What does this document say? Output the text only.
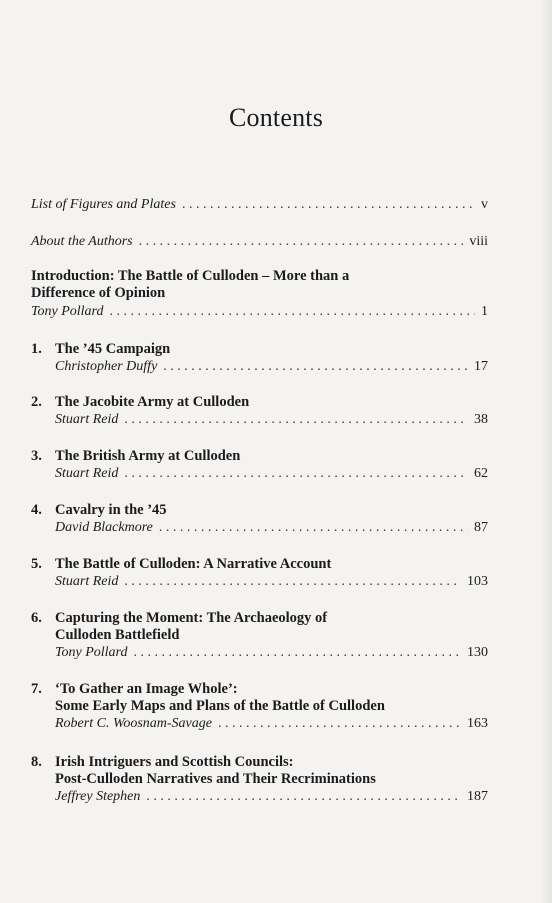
Contents
List of Figures and Plates . . .	v
About the Authors . . .	viii
Introduction: The Battle of Culloden – More than a
Difference of Opinion
Tony Pollard . . .	1
1. The ’45 Campaign
Christopher Duffy . . .	17
2. The Jacobite Army at Culloden
Stuart Reid . . .	38
3. The British Army at Culloden
Stuart Reid . . .	62
4. Cavalry in the ’45
David Blackmore . . .	87
5. The Battle of Culloden: A Narrative Account
Stuart Reid . . .	103
6. Capturing the Moment: The Archaeology of
Culloden Battlefield
Tony Pollard . . .	130
7. ‘To Gather an Image Whole’:
Some Early Maps and Plans of the Battle of Culloden
Robert C. Woosnam-Savage . . .	163
8. Irish Intriguers and Scottish Councils:
Post-Culloden Narratives and Their Recriminations
Jeffrey Stephen . . .	187
